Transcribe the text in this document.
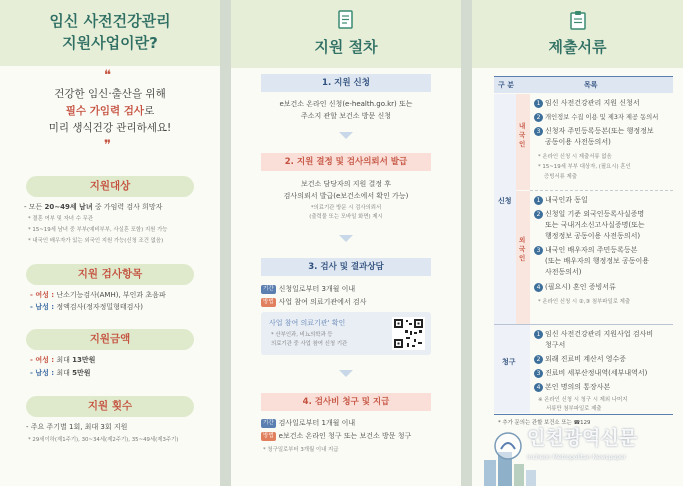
임신 사전건강관리
지원사업이란?
❝
건강한 임신·출산을 위해
필수 가임력 검사로
미리 생식건강 관리하세요!
❞
지원대상
- 모든 20~49세 남녀 중 가임력 검사 희망자
* 결혼 여부 및 자녀 수 무관
* 15~19세 남녀 중 부부(예비부부, 사실혼 포함) 지원 가능
* 내국인 배우자가 있는 외국인 지원 가능(신청 조건 없음)
지원 검사항목
- 여성 : 난소기능검사(AMH), 부인과 초음파
- 남성 : 정액검사(정자정밀형태검사)
지원금액
- 여성 : 최대 13만원
- 남성 : 최대 5만원
지원 횟수
- 주요 주기별 1회, 최대 3회 지원
* 29세이하(제1주기), 30~34세(제2주기), 35~49세(제3주기)
지원 절차
1. 지원 신청
e보건소 온라인 신청(e-health.go.kr) 또는
주소지 관할 보건소 방문 신청
2. 지원 결정 및 검사의뢰서 발급
보건소 담당자의 지원 결정 후
검사의뢰서 발급(e보건소에서 확인 가능)
*의료기관 방문 시 검사의뢰서
(출력물 또는 모바일 화면) 제시
3. 검사 및 결과상담
기간 신청일로부터 3개월 이내
방법 사업 참여 의료기관에서 검사
사업 참여 의료기관' 확인
* 산부인과, 비뇨의학과 등
의료기관 중 사업 참여 신청 기관
4. 검사비 청구 및 지급
기간 검사일로부터 1개월 이내
방법 e보건소 온라인 청구 또는 보건소 방문 청구
* 청구일로부터 3개월 이내 지급
제출서류
구 분	목록
신청
내국인
외국인
청구
1 임신 사전건강관리 지원 신청서
2 개인정보 수집 이용 및 제3자 제공 동의서
3 신청자 주민등록등본(또는 행정정보
공동이용 사전동의서)
* 온라인 신청 시 제출서류 없음
* 15~19세 부부 대상자, (필요시) 혼인
증빙서류 제출
1 내국인과 동일
2 신청일 기준 외국인등록사실증명
또는 국내거소신고사실증명(또는
행정정보 공동이용 사전동의서)
3 내국인 배우자의 주민등록등본
(또는 배우자의 행정정보 공동이용
사전동의서)
4 (필요시) 혼인 증빙서류
* 온라인 신청 시 ②,③ 첨부파일로 제출
1 임신 사전건강관리 지원사업 검사비
청구서
2 외래 진료비 계산서 영수증
3 진료비 세부산정내역(세부내역서)
4 본인 명의의 통장사본
※ 온라인 신청 시 청구 시 제외 나머지
서류만 첨부파일로 제출
* 추가 문의는 관할 보건소 또는 ☎129
인천광역신문
Incheon Metropolitan Newspaper
